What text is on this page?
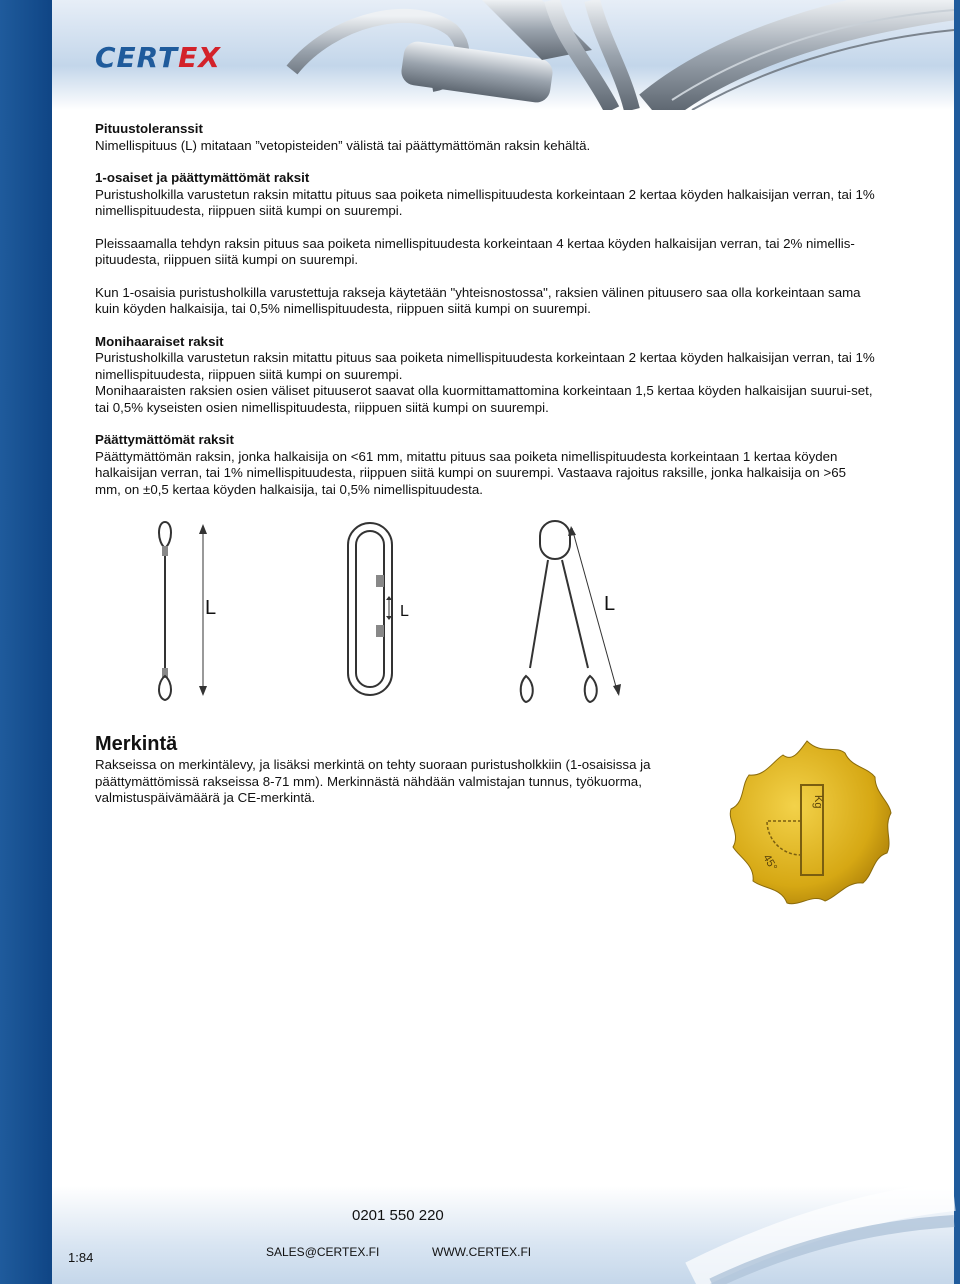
CERTEX

Pituustoleranssit

Nimellispituus (L) mitataan ”vetopisteiden” välistä tai päättymättömän raksin kehältä.

1-osaiset ja päättymättömät raksit

Puristusholkilla varustetun raksin mitattu pituus saa poiketa nimellispituudesta korkeintaan 2 kertaa köyden halkaisijan verran, tai 1% nimellispituudesta, riippuen siitä kumpi on suurempi.

Pleissaamalla tehdyn raksin pituus saa poiketa nimellispituudesta korkeintaan 4 kertaa köyden halkaisijan verran, tai 2% nimellis-pituudesta, riippuen siitä kumpi on suurempi.

Kun 1-osaisia puristusholkilla varustettuja rakseja käytetään "yhteisnostossa", raksien välinen pituusero saa olla korkeintaan sama kuin köyden halkaisija, tai 0,5% nimellispituudesta, riippuen siitä kumpi on suurempi.

Monihaaraiset raksit

Puristusholkilla varustetun raksin mitattu pituus saa poiketa nimellispituudesta korkeintaan 2 kertaa köyden halkaisijan verran, tai 1% nimellispituudesta, riippuen siitä kumpi on suurempi.

Monihaaraisten raksien osien väliset pituuserot saavat olla kuormittamattomina korkeintaan 1,5 kertaa köyden halkaisijan suurui-set, tai 0,5% kyseisten osien nimellispituudesta, riippuen siitä kumpi on suurempi.

Päättymättömät raksit

Päättymättömän raksin, jonka halkaisija on <61 mm, mitattu pituus saa poiketa nimellispituudesta korkeintaan 1 kertaa köyden halkaisijan verran, tai 1% nimellispituudesta, riippuen siitä kumpi on suurempi. Vastaava rajoitus raksille, jonka halkaisija on >65 mm, on ±0,5 kertaa köyden halkaisija, tai 0,5% nimellispituudesta.

L	L	L
Merkintä
Rakseissa on merkintälevy, ja lisäksi merkintä on tehty suoraan puristusholkkiin (1-osaisissa ja päättymättömissä rakseissa 8-71 mm). Merkinnästä nähdään valmistajan tunnus, työkuorma, valmistuspäivämäärä ja CE-merkintä.	Kg
45°
0201 550 220
1:84	SALES@CERTEX.FI	WWW.CERTEX.FI
